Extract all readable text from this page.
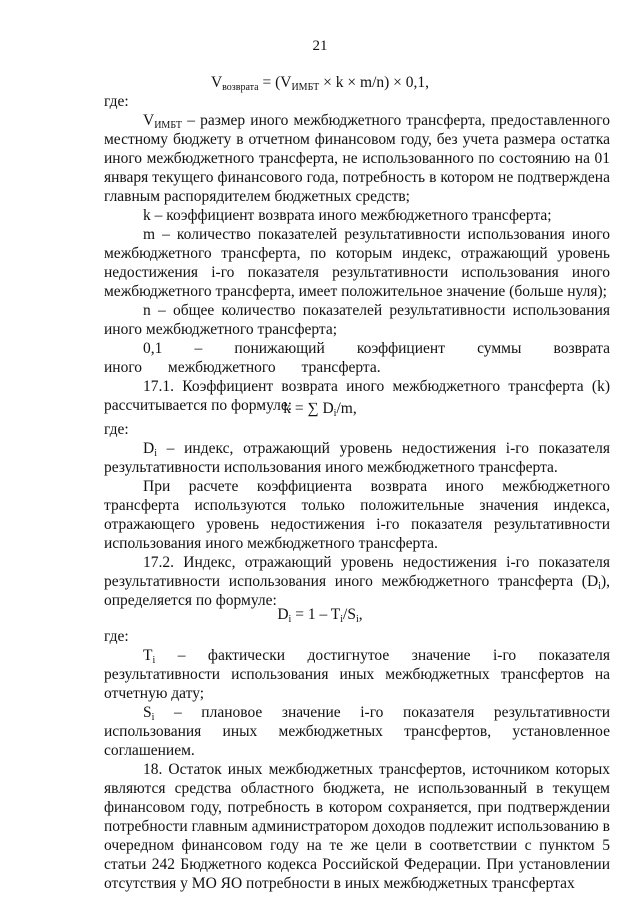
21
$V_{возврата} = (V_{ИМБТ} \times k \times m/n) \times 0,1$,

где:

$V_{ИМБТ}$ – размер иного межбюджетного трансферта, предоставленного местному бюджету в отчетном финансовом году, без учета размера остатка иного межбюджетного трансферта, не использованного по состоянию на 01 января текущего финансового года, потребность в котором не подтверждена главным распорядителем бюджетных средств;

k – коэффициент возврата иного межбюджетного трансферта;

m – количество показателей результативности использования иного межбюджетного трансферта, по которым индекс, отражающий уровень недостижения i-го показателя результативности использования иного межбюджетного трансферта, имеет положительное значение (больше нуля);

n – общее количество показателей результативности использования иного межбюджетного трансферта;

0,1 – понижающий коэффициент суммы возврата иного межбюджетного трансферта.

17.1. Коэффициент возврата иного межбюджетного трансферта (k) рассчитывается по формуле:

k = ∑ $D_i/m$,

где:

$D_i$ – индекс, отражающий уровень недостижения i-го показателя результативности использования иного межбюджетного трансферта.

При расчете коэффициента возврата иного межбюджетного трансферта используются только положительные значения индекса, отражающего уровень недостижения i-го показателя результативности использования иного межбюджетного трансферта.

17.2. Индекс, отражающий уровень недостижения i-го показателя результативности использования иного межбюджетного трансферта $(D_i)$, определяется по формуле:

$D_i = 1 - T_i/S_i$,

где:

$T_i$ – фактически достигнутое значение i-го показателя результативности использования иных межбюджетных трансфертов на отчетную дату;

$S_i$ – плановое значение i-го показателя результативности использования иных межбюджетных трансфертов, установленное соглашением.

18. Остаток иных межбюджетных трансфертов, источником которых являются средства областного бюджета, не использованный в текущем финансовом году, потребность в котором сохраняется, при подтверждении потребности главным администратором доходов подлежит использованию в очередном финансовом году на те же цели в соответствии с пунктом 5 статьи 242 Бюджетного кодекса Российской Федерации. При установлении отсутствия у МО ЯО потребности в иных межбюджетных трансфертах
